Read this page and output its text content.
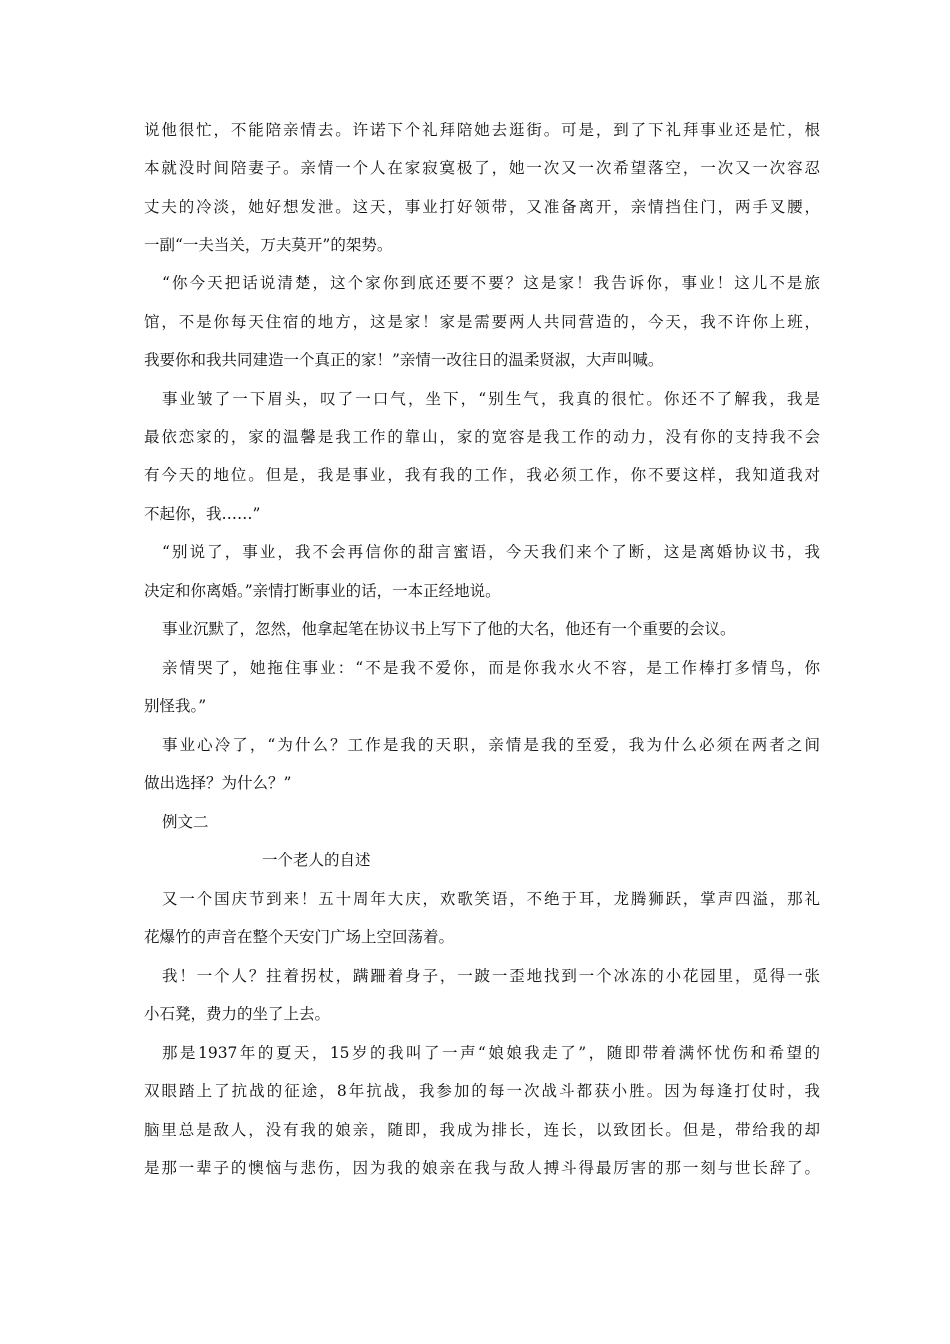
说他很忙，不能陪亲情去。许诺下个礼拜陪她去逛街。可是，到了下礼拜事业还是忙，根
本就没时间陪妻子。亲情一个人在家寂寞极了，她一次又一次希望落空，一次又一次容忍
丈夫的冷淡，她好想发泄。这天，事业打好领带，又准备离开，亲情挡住门，两手叉腰，
一副“一夫当关，万夫莫开”的架势。
“你今天把话说清楚，这个家你到底还要不要？这是家！我告诉你，事业！这儿不是旅
馆，不是你每天住宿的地方，这是家！家是需要两人共同营造的，今天，我不许你上班，
我要你和我共同建造一个真正的家！”亲情一改往日的温柔贤淑，大声叫喊。
事业皱了一下眉头，叹了一口气，坐下，“别生气，我真的很忙。你还不了解我，我是
最依恋家的，家的温馨是我工作的靠山，家的宽容是我工作的动力，没有你的支持我不会
有今天的地位。但是，我是事业，我有我的工作，我必须工作，你不要这样，我知道我对
不起你，我……”
“别说了，事业，我不会再信你的甜言蜜语，今天我们来个了断，这是离婚协议书，我
决定和你离婚。”亲情打断事业的话，一本正经地说。
事业沉默了，忽然，他拿起笔在协议书上写下了他的大名，他还有一个重要的会议。
亲情哭了，她拖住事业：“不是我不爱你，而是你我水火不容，是工作棒打多情鸟，你
别怪我。”
事业心冷了，“为什么？工作是我的天职，亲情是我的至爱，我为什么必须在两者之间
做出选择？为什么？”
例文二
一个老人的自述
又一个国庆节到来！五十周年大庆，欢歌笑语，不绝于耳，龙腾狮跃，掌声四溢，那礼
花爆竹的声音在整个天安门广场上空回荡着。
我！一个人？拄着拐杖，蹒跚着身子，一跛一歪地找到一个冰冻的小花园里，觅得一张
小石凳，费力的坐了上去。
那是1937年的夏天，15岁的我叫了一声“娘娘我走了”，随即带着满怀忧伤和希望的
双眼踏上了抗战的征途，8年抗战，我参加的每一次战斗都获小胜。因为每逢打仗时，我
脑里总是敌人，没有我的娘亲，随即，我成为排长，连长，以致团长。但是，带给我的却
是那一辈子的懊恼与悲伤，因为我的娘亲在我与敌人搏斗得最厉害的那一刻与世长辞了。
